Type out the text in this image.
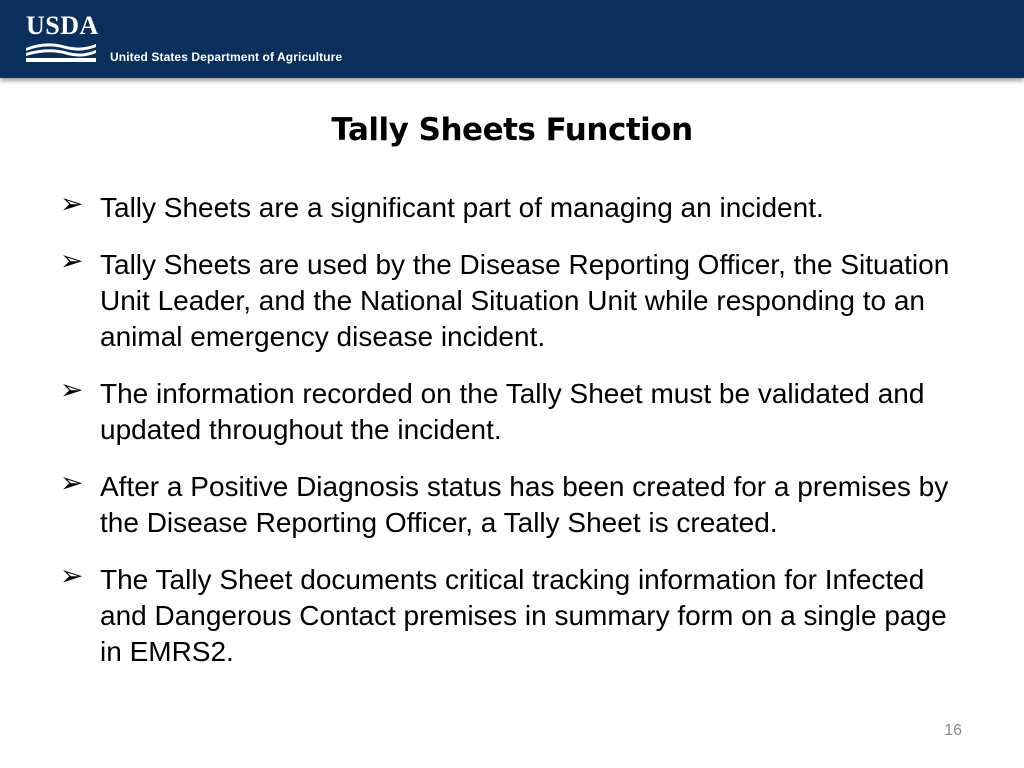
USDA
United States Department of Agriculture
Tally Sheets Function
➢ Tally Sheets are a significant part of managing an incident.
➢ Tally Sheets are used by the Disease Reporting Officer, the Situation Unit Leader, and the National Situation Unit while responding to an animal emergency disease incident.
➢ The information recorded on the Tally Sheet must be validated and updated throughout the incident.
➢ After a Positive Diagnosis status has been created for a premises by the Disease Reporting Officer, a Tally Sheet is created.
➢ The Tally Sheet documents critical tracking information for Infected and Dangerous Contact premises in summary form on a single page in EMRS2.
16
